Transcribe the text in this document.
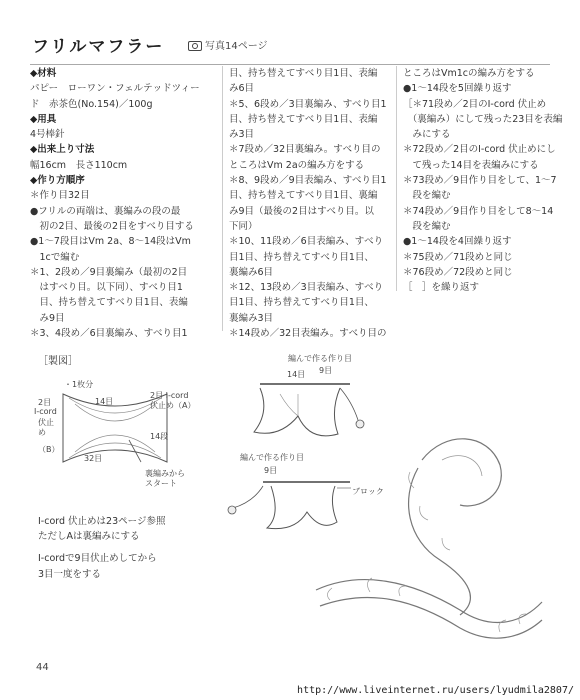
フリルマフラー	写真14ページ
◆材料
パピー　ローワン・フェルテッドツィー
ド　赤茶色(No.154)／100g
◆用具
4号棒針
◆出来上り寸法
幅16cm　長さ110cm
◆作り方順序
＊作り目32目
●フリルの両端は、裏編みの段の最
　初の2目、最後の2目をすべり目する
●1〜7段目はVm 2a、8〜14段はVm
　1cで編む
＊1、2段め／9目裏編み（最初の2目
　はすべり目。以下同）、すべり目1
　目、持ち替えてすべり目1目、表編
　み9目
＊3、4段め／6目裏編み、すべり目1
目、持ち替えてすべり目1目、表編
み6目
＊5、6段め／3目裏編み、すべり目1
目、持ち替えてすべり目1目、表編
み3目
＊7段め／32目裏編み。すべり目の
ところはVm 2aの編み方をする
＊8、9段め／9目表編み、すべり目1
目、持ち替えてすべり目1目、裏編
み9目（最後の2目はすべり目。以
下同）
＊10、11段め／6目表編み、すべり
目1目、持ち替えてすべり目1目、
裏編み6目
＊12、13段め／3目表編み、すべり
目1目、持ち替えてすべり目1目、
裏編み3目
＊14段め／32目表編み。すべり目の
ところはVm1cの編み方をする
●1〜14段を5回繰り返す
［＊71段め／2目のI-cord 伏止め
　（裏編み）にして残った23目を表編
　みにする
＊72段め／2目のI-cord 伏止めにし
　て残った14目を表編みにする
＊73段め／9目作り目をして、1〜7
　段を編む
＊74段め／9目作り目をして8〜14
　段を編む
●1〜14段を4回繰り返す
＊75段め／71段めと同じ
＊76段め／72段めと同じ
［　］を繰り返す
［製図］
・1枚分
2目
I-cord
伏止
め
（B）
14目
2目 I-cord
伏止め（A）
14段
32目
裏編みから
スタート
編んで作る作り目
14目 9目
編んで作る作り目
9目
ブロック
I-cord 伏止めは23ページ参照
ただしAは裏編みにする
I-cordで9目伏止めしてから
3目一度をする
44
http://www.liveinternet.ru/users/lyudmila2807/
